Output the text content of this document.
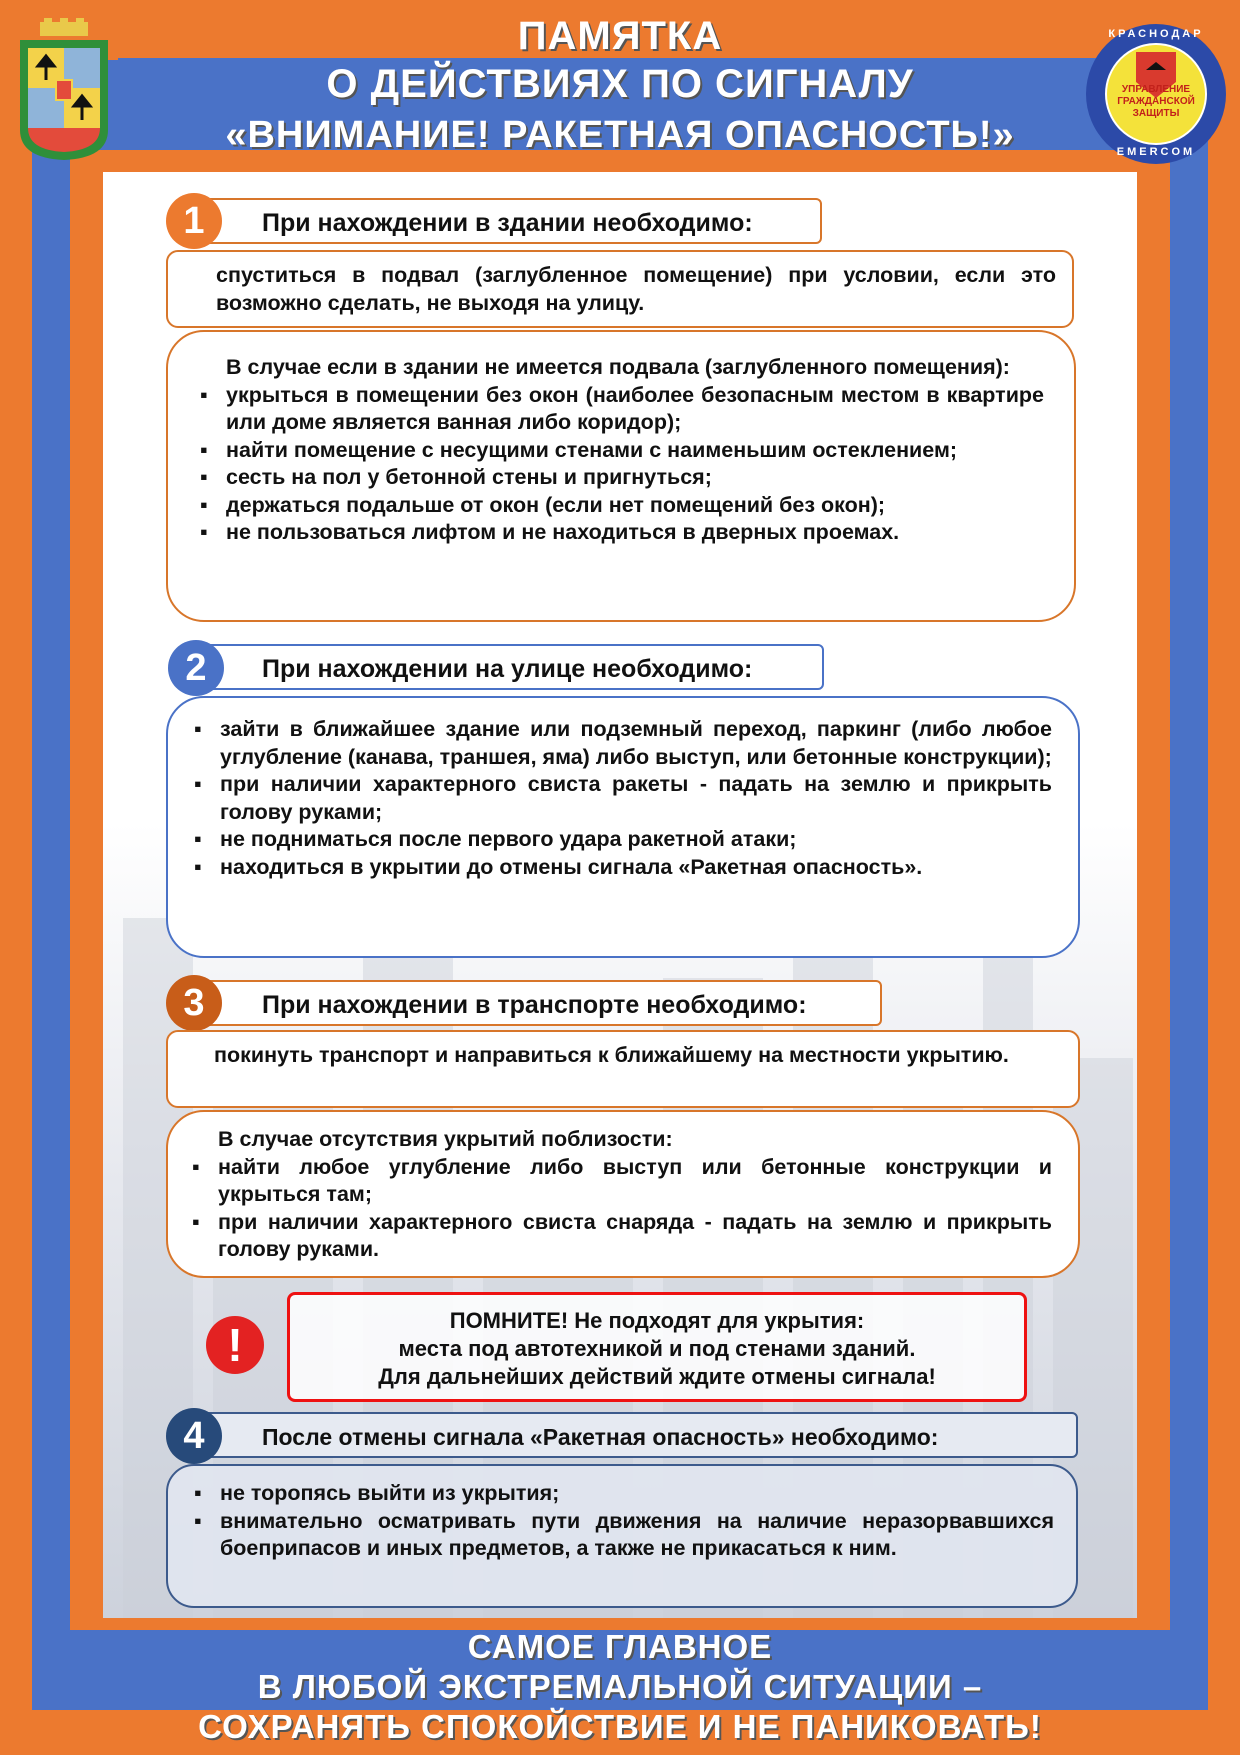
ПАМЯТКА
О ДЕЙСТВИЯХ ПО СИГНАЛУ
«ВНИМАНИЕ! РАКЕТНАЯ ОПАСНОСТЬ!»
КРАСНОДАР
УПРАВЛЕНИЕ ГРАЖДАНСКОЙ ЗАЩИТЫ
EMERCOM
При нахождении в здании необходимо:
1

спуститься в подвал (заглубленное помещение) при условии, если это возможно сделать, не выходя на улицу.

В случае если в здании не имеется подвала (заглубленного помещения):

▪ укрыться в помещении без окон (наиболее безопасным местом в квартире или доме является ванная либо коридор);
▪ найти помещение с несущими стенами с наименьшим остеклением;
▪ сесть на пол у бетонной стены и пригнуться;
▪ держаться подальше от окон (если нет помещений без окон);
▪ не пользоваться лифтом и не находиться в дверных проемах.
При нахождении на улице необходимо:
2
▪ зайти в ближайшее здание или подземный переход, паркинг (либо любое углубление (канава, траншея, яма) либо выступ, или бетонные конструкции);
▪ при наличии характерного свиста ракеты - падать на землю и прикрыть голову руками;
▪ не подниматься после первого удара ракетной атаки;
▪ находиться в укрытии до отмены сигнала «Ракетная опасность».
При нахождении в транспорте необходимо:
3

покинуть транспорт и направиться к ближайшему на местности укрытию.

В случае отсутствия укрытий поблизости:

▪ найти любое углубление либо выступ или бетонные конструкции и укрыться там;
▪ при наличии характерного свиста снаряда - падать на землю и прикрыть голову руками.
!	ПОМНИТЕ! Не подходят для укрытия:
места под автотехникой и под стенами зданий.
Для дальнейших действий ждите отмены сигнала!
После отмены сигнала «Ракетная опасность» необходимо:
4
▪ не торопясь выйти из укрытия;
▪ внимательно осматривать пути движения на наличие неразорвавшихся боеприпасов и иных предметов, а также не прикасаться к ним.
САМОЕ ГЛАВНОЕ
В ЛЮБОЙ ЭКСТРЕМАЛЬНОЙ СИТУАЦИИ –
СОХРАНЯТЬ СПОКОЙСТВИЕ И НЕ ПАНИКОВАТЬ!
